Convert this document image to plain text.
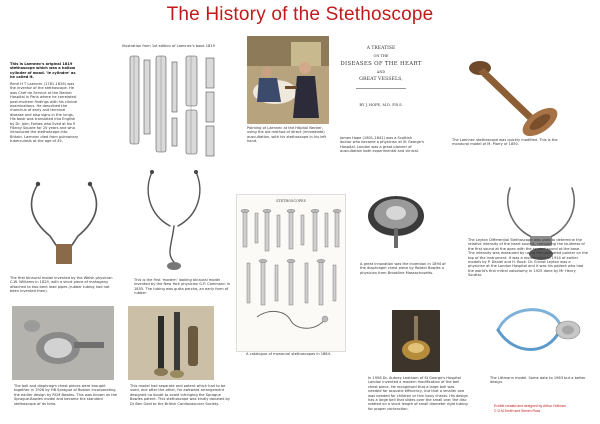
The History of the Stethoscope
This is Laennec's original 1819 stethoscope which was a hollow cylinder of wood. 'le cylindre' as he called it.
René H T Laennec (1781-1826) was the inventor of the stethoscope. He was Chef de Service at the Necker Hospital in Paris where he correlated post-mortem findings with his clinical examinations. He described the rhonchus of early and terminal disease and also signs in the lungs. His book was translated into English by Dr. John Forbes who lived at No 9 Fitzroy Square for 20 years and who introduced the stethoscope into Britain. Laennec died from pulmonary tuberculosis at the age of 45.
Illustration from 1st edition of Laennec's book 1819
Painting of Laennec at the Hôpital Necker, using the old method of direct (immediate) auscultation, with his stethoscope in his left hand.
A TREATISE
ON THE
DISEASES OF THE HEART
AND
GREAT VESSELS,
BY J. HOPE, M.D. F.R.S.
James Hope (1801-1841) was a Scottish doctor who became a physician at St George's Hospital. London was a great pioneer of auscultation both experimental and clinical.
The Laennec stethoscope was quickly modified. This is the monaural model of M. Piorry of 1850.
The first binaural model invented by the Welsh physician C.W. Williams in 1829, with a short piece of mahogany attached to two bent lead pipes (rubber tubing had not been invented then).
This is the first 'modern' looking binaural model invented by the New York physician G.P. Cammann in 1855. The tubing was gutta percha, an early form of rubber.
STETHOSCOPES
A catalogue of monaural stethoscopes in 1884.
A great innovation was the invention in 1894 of the diaphragm chest piece by Robert Bowles a physician from Brookline Massachusetts.
The Leyton Differential Stethoscope was used to determine the relative intensity of the heart sounds, comparing the loudness of the first sound at the apex with the second sound at the base. The intensity was measured by using the calibrated pointer on the top of the instrument. It was a modification in 1914 of earlier models by P. Daniel and H. Bock. Dr. Ernest Leyton was a physician at the London Hospital and it was his patient who had the world's first mitral valvotomy in 1925 done by Mr Henry Souttar.
The bell and diaphragm chest pieces were brought together in 1926 by HB Sprague of Boston incorporating the earlier design by RCM Bowles. This was known as the Sprague-Bowles model and became the standard stethoscope of its time.
This model had separate and patent which had to be used, one after the other, for awkward arrangement designed no doubt to avoid infringing the Sprague Bowles patent. This stethoscope was kindly donated by Dr Ben Gold to the British Cardiovascular Society.
In 1958 Dr. Aubrey Leatham of St George's Hospital London invented a modern modification of the bell chest piece. He recognised that a large bell was needed for acoustic efficiency, but that a smaller one was needed for children or thin bony chests. His design has a large bell that slides over the small one; the disc rotated on a short length of small diameter rigid tubing for proper contraction.
The Littmann model. Some date to 1963 but a better design.
Exhibit created and designed by Arthur Hollman
© G.M.Smith and Steven Ross
